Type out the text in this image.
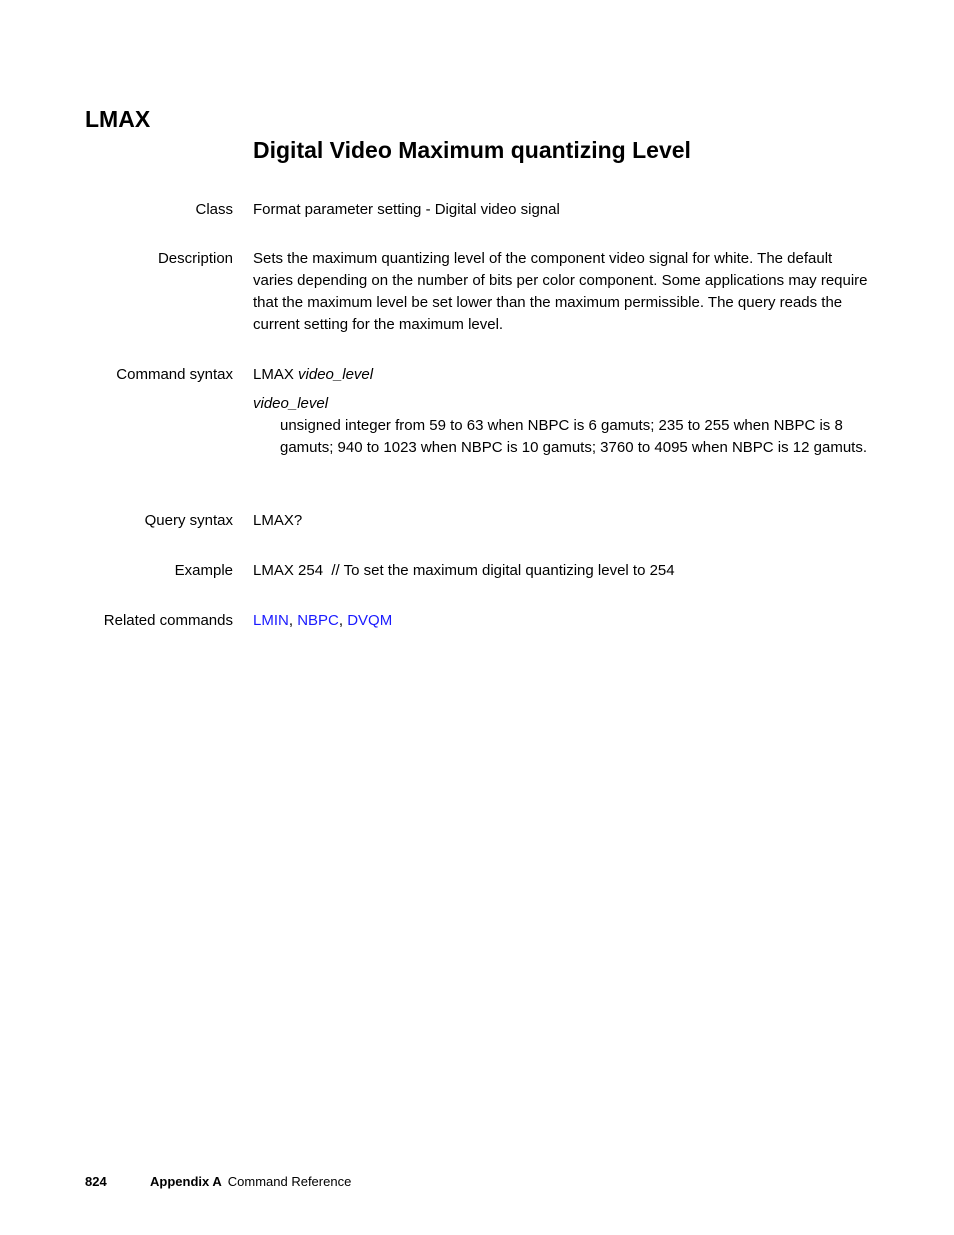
LMAX
Digital Video Maximum quantizing Level
Class Format parameter setting - Digital video signal
Description Sets the maximum quantizing level of the component video signal for white. The default varies depending on the number of bits per color component. Some applications may require that the maximum level be set lower than the maximum permissible. The query reads the current setting for the maximum level.
Command syntax LMAX video_level
video_level
unsigned integer from 59 to 63 when NBPC is 6 gamuts; 235 to 255 when NBPC is 8 gamuts; 940 to 1023 when NBPC is 10 gamuts; 3760 to 4095 when NBPC is 12 gamuts.
Query syntax LMAX?
Example LMAX 254  // To set the maximum digital quantizing level to 254
Related commands LMIN, NBPC, DVQM
824	Appendix A Command Reference
